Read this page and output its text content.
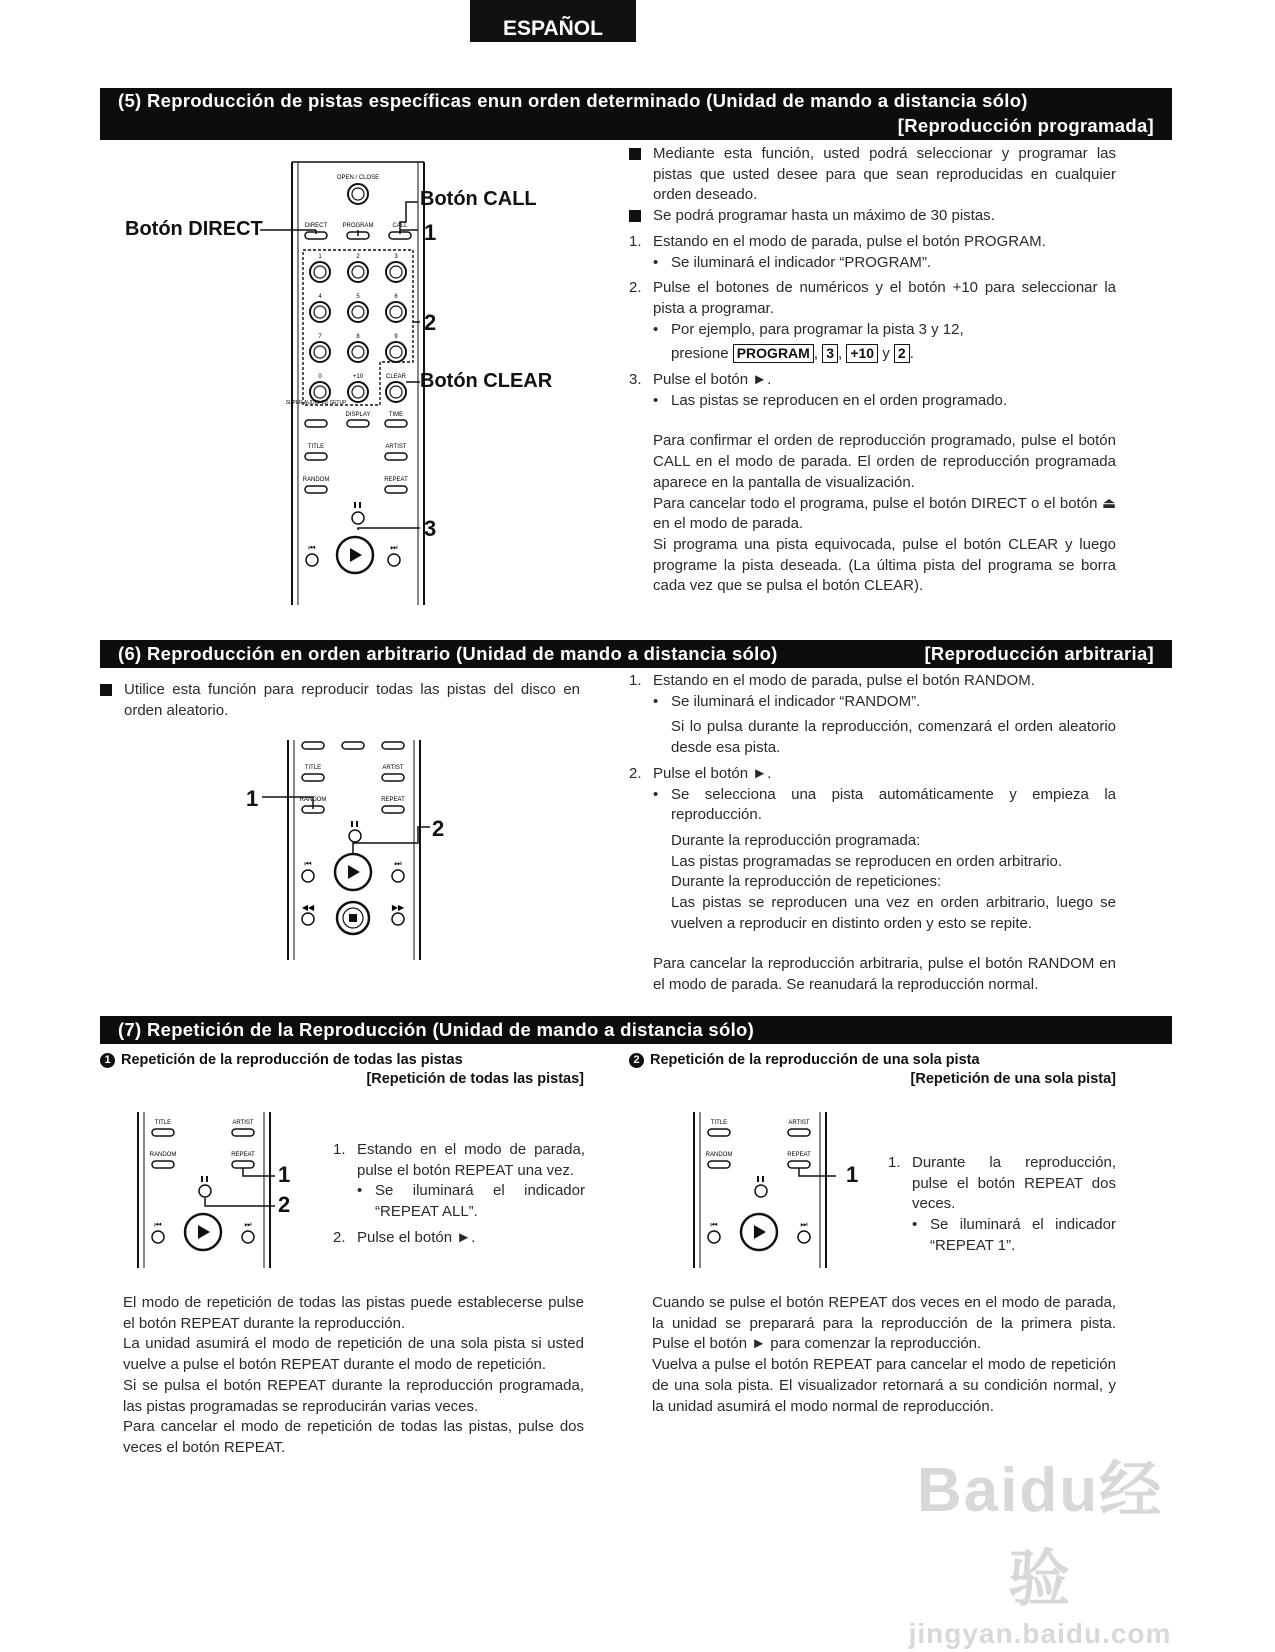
ESPAÑOL
(5) Reproducción de pistas específicas enun orden determinado (Unidad de mando a distancia sólo)
[Reproducción programada]
OPEN / CLOSE
DIRECT	PROGRAM	CALL
1	2	3
4	5	6
7	8	9
0	+10	CLEAR
SUPER AUDIO CD SETUP
DISPLAY	TIME
TITLE	ARTIST
RANDOM	REPEAT
⏮	⏭
Botón CALL
Botón DIRECT	1
2
Botón CLEAR
3

Mediante esta función, usted podrá seleccionar y programar las pistas que usted desee para que sean reproducidas en cualquier orden deseado.

Se podrá programar hasta un máximo de 30 pistas.

1. Estando en el modo de parada, pulse el botón PROGRAM.

• Se iluminará el indicador “PROGRAM”.

2. Pulse el botones de numéricos y el botón +10 para seleccionar la pista a programar.

• Por ejemplo, para programar la pista 3 y 12,

presione PROGRAM , 3 , +10 y 2 .

3. Pulse el botón ►.

• Las pistas se reproducen en el orden programado.

Para confirmar el orden de reproducción programado, pulse el botón CALL en el modo de parada. El orden de reproducción programada aparece en la pantalla de visualización.

Para cancelar todo el programa, pulse el botón DIRECT o el botón ⏏ en el modo de parada.

Si programa una pista equivocada, pulse el botón CLEAR y luego programe la pista deseada. (La última pista del programa se borra cada vez que se pulsa el botón CLEAR).

(6) Reproducción en orden arbitrario (Unidad de mando a distancia sólo)	[Reproducción arbitraria]

Utilice esta función para reproducir todas las pistas del disco en orden aleatorio.

TITLE	ARTIST
RANDOM	REPEAT
⏮	⏭
◀◀	▶▶
1
2
1. Estando en el modo de parada, pulse el botón RANDOM.

• Se iluminará el indicador “RANDOM”.

Si lo pulsa durante la reproducción, comenzará el orden aleatorio desde esa pista.

2. Pulse el botón ►.

• Se selecciona una pista automáticamente y empieza la reproducción.

Durante la reproducción programada:

Las pistas programadas se reproducen en orden arbitrario.

Durante la reproducción de repeticiones:

Las pistas se reproducen una vez en orden arbitrario, luego se vuelven a reproducir en distinto orden y esto se repite.

Para cancelar la reproducción arbitraria, pulse el botón RANDOM en el modo de parada. Se reanudará la reproducción normal.

(7) Repetición de la Reproducción (Unidad de mando a distancia sólo)
1 Repetición de la reproducción de todas las pistas
[Repetición de todas las pistas]
2 Repetición de la reproducción de una sola pista
[Repetición de una sola pista]
TITLE	ARTIST
RANDOM	REPEAT
⏮	⏭
1
2
1. Estando en el modo de parada, pulse el botón REPEAT una vez.

• Se iluminará el indicador “REPEAT ALL”.

2. Pulse el botón ►.

TITLE	ARTIST
RANDOM	REPEAT
⏮	⏭
1 1. Durante la reproducción, pulse el botón REPEAT dos veces.

• Se iluminará el indicador “REPEAT 1”.

El modo de repetición de todas las pistas puede establecerse pulse el botón REPEAT durante la reproducción.

La unidad asumirá el modo de repetición de una sola pista si usted vuelve a pulse el botón REPEAT durante el modo de repetición.

Si se pulsa el botón REPEAT durante la reproducción programada, las pistas programadas se reproducirán varias veces.

Para cancelar el modo de repetición de todas las pistas, pulse dos veces el botón REPEAT.

Cuando se pulse el botón REPEAT dos veces en el modo de parada, la unidad se preparará para la reproducción de la primera pista. Pulse el botón ► para comenzar la reproducción.

Vuelva a pulse el botón REPEAT para cancelar el modo de repetición de una sola pista. El visualizador retornará a su condición normal, y la unidad asumirá el modo normal de reproducción.

Baidu经验
jingyan.baidu.com
